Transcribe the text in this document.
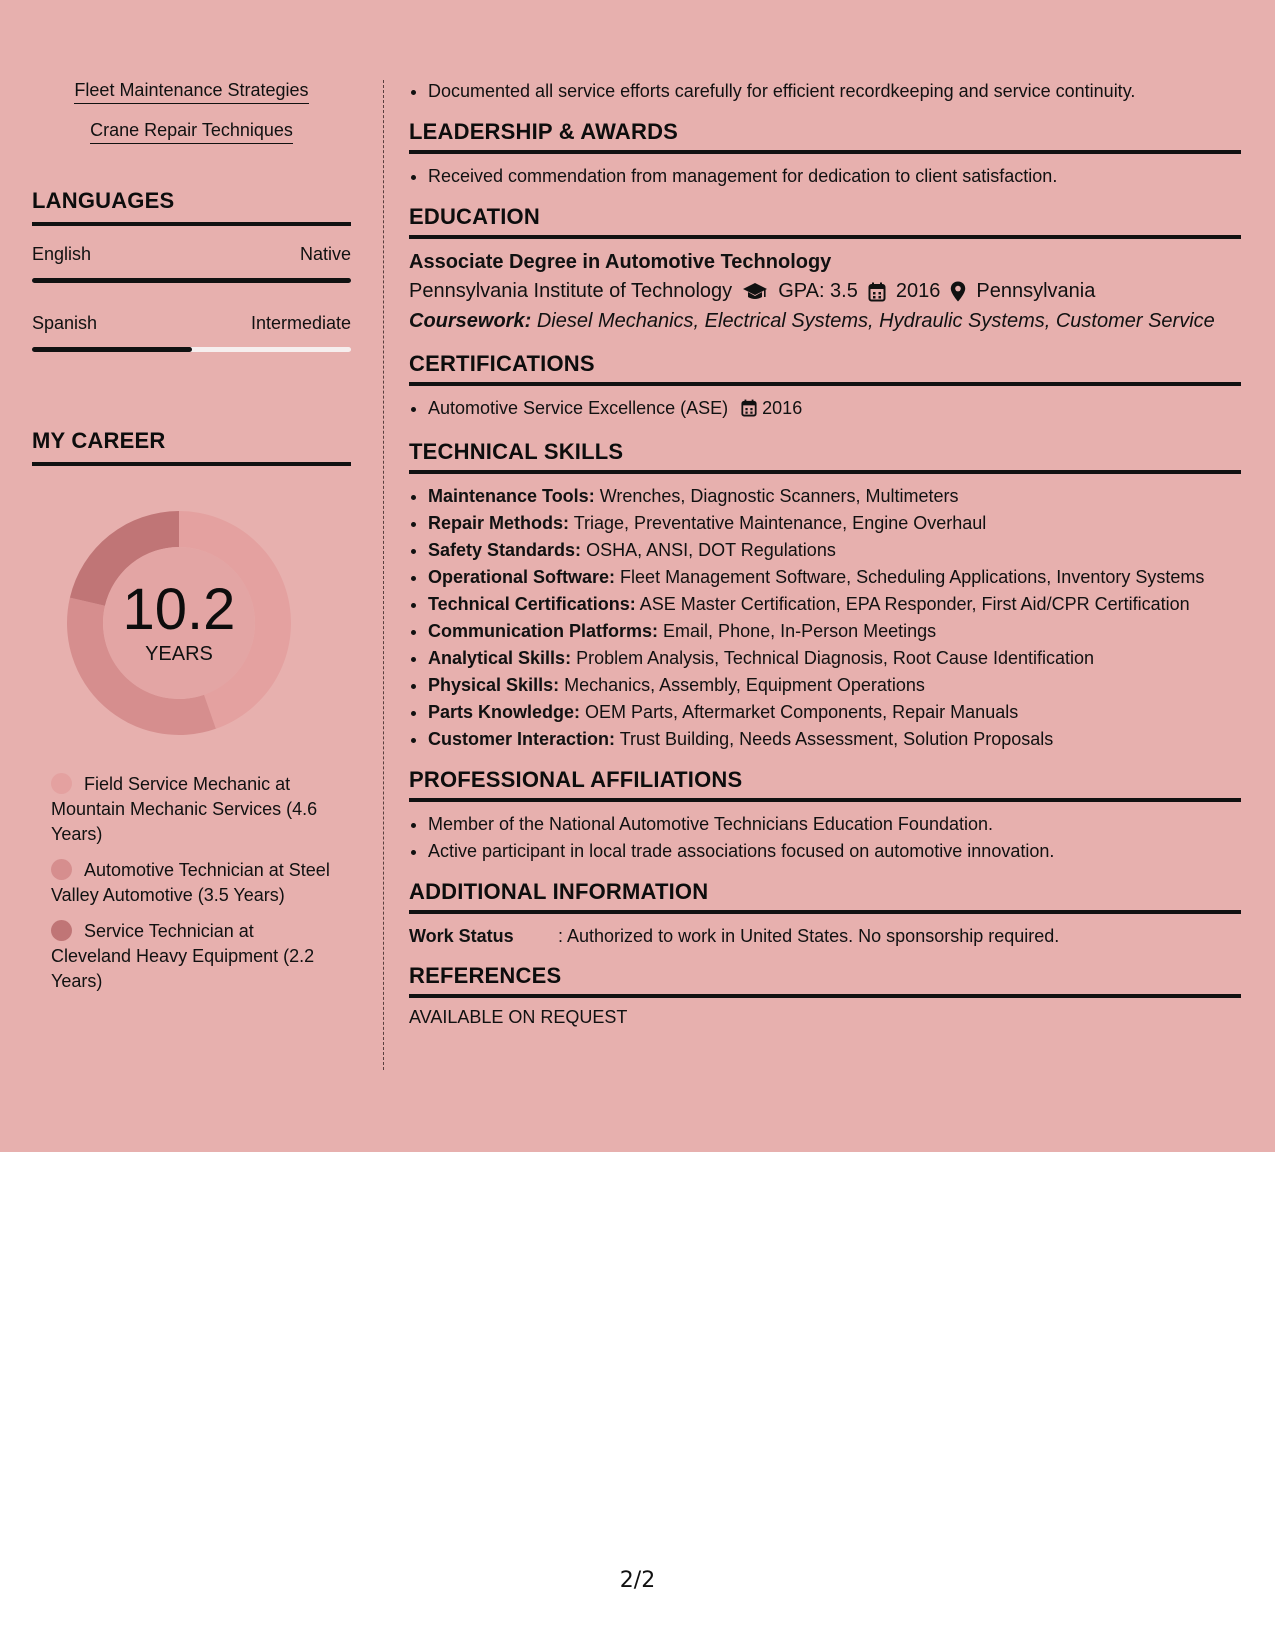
Fleet Maintenance Strategies
Crane Repair Techniques
LANGUAGES
English	Native
Spanish	Intermediate
MY CAREER
10.2
YEARS
Field Service Mechanic at Mountain Mechanic Services (4.6 Years)
Automotive Technician at Steel Valley Automotive (3.5 Years)
Service Technician at Cleveland Heavy Equipment (2.2 Years)
• Documented all service efforts carefully for efficient recordkeeping and service continuity.
LEADERSHIP & AWARDS
• Received commendation from management for dedication to client satisfaction.
EDUCATION
Associate Degree in Automotive Technology
Pennsylvania Institute of Technology GPA: 3.5 2016 Pennsylvania
Coursework: Diesel Mechanics, Electrical Systems, Hydraulic Systems, Customer Service
CERTIFICATIONS
• Automotive Service Excellence (ASE) 2016
TECHNICAL SKILLS
• Maintenance Tools: Wrenches, Diagnostic Scanners, Multimeters
• Repair Methods: Triage, Preventative Maintenance, Engine Overhaul
• Safety Standards: OSHA, ANSI, DOT Regulations
• Operational Software: Fleet Management Software, Scheduling Applications, Inventory Systems
• Technical Certifications: ASE Master Certification, EPA Responder, First Aid/CPR Certification
• Communication Platforms: Email, Phone, In-Person Meetings
• Analytical Skills: Problem Analysis, Technical Diagnosis, Root Cause Identification
• Physical Skills: Mechanics, Assembly, Equipment Operations
• Parts Knowledge: OEM Parts, Aftermarket Components, Repair Manuals
• Customer Interaction: Trust Building, Needs Assessment, Solution Proposals
PROFESSIONAL AFFILIATIONS
• Member of the National Automotive Technicians Education Foundation.
• Active participant in local trade associations focused on automotive innovation.
ADDITIONAL INFORMATION
Work Status	: Authorized to work in United States. No sponsorship required.
REFERENCES
AVAILABLE ON REQUEST
2/2
